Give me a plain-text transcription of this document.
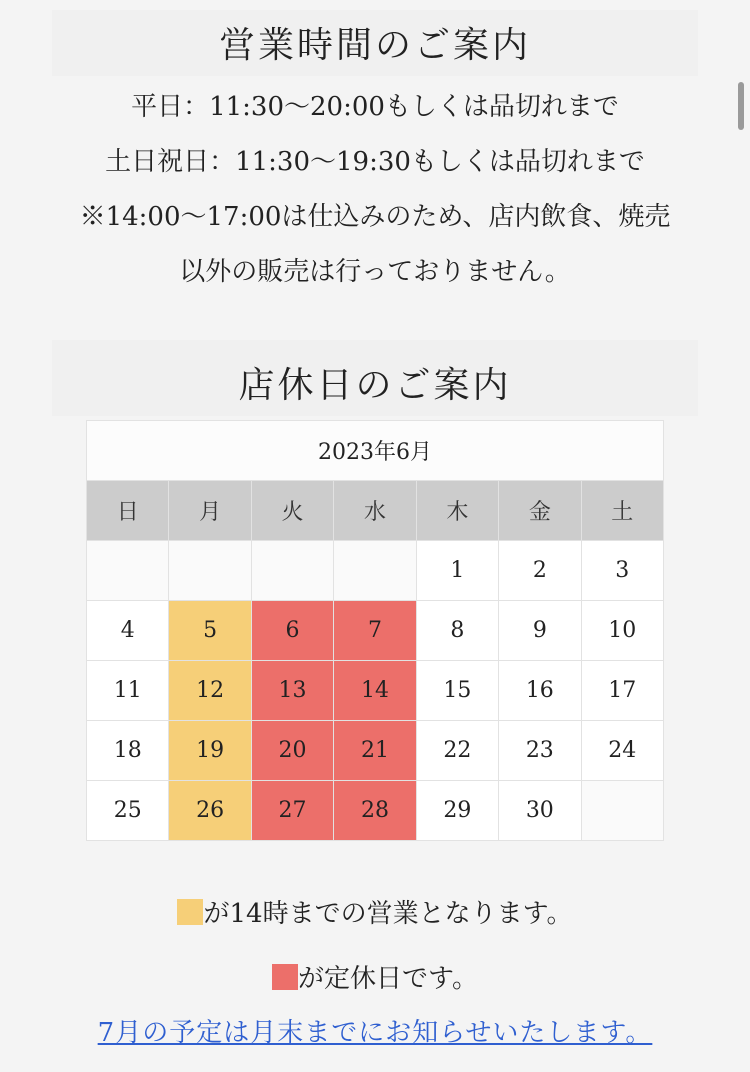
営業時間のご案内
平日：11:30〜20:00もしくは品切れまで
土日祝日：11:30〜19:30もしくは品切れまで
※14:00〜17:00は仕込みのため、店内飲食、焼売
以外の販売は行っておりません。
店休日のご案内
2023年6月						
日	月	火	水	木	金	土
				1	2	3
4	5	6	7	8	9	10
11	12	13	14	15	16	17
18	19	20	21	22	23	24
25	26	27	28	29	30	
が14時までの営業となります。
が定休日です。
7月の予定は月末までにお知らせいたします。
